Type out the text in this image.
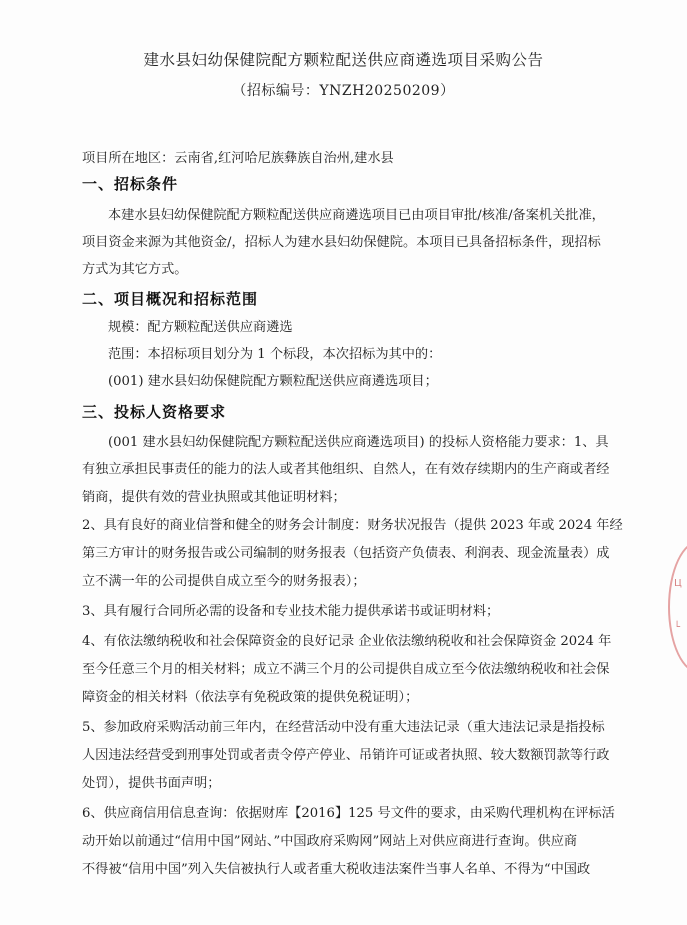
建水县妇幼保健院配方颗粒配送供应商遴选项目采购公告
（招标编号：YNZH20250209）
项目所在地区：云南省,红河哈尼族彝族自治州,建水县
一、招标条件
本建水县妇幼保健院配方颗粒配送供应商遴选项目已由项目审批/核准/备案机关批准，
项目资金来源为其他资金/，招标人为建水县妇幼保健院。本项目已具备招标条件，现招标
方式为其它方式。
二、项目概况和招标范围
规模：配方颗粒配送供应商遴选
范围：本招标项目划分为 1 个标段，本次招标为其中的：
(001) 建水县妇幼保健院配方颗粒配送供应商遴选项目；
三、投标人资格要求
(001 建水县妇幼保健院配方颗粒配送供应商遴选项目) 的投标人资格能力要求：1、具
有独立承担民事责任的能力的法人或者其他组织、自然人，在有效存续期内的生产商或者经
销商，提供有效的营业执照或其他证明材料；
2、具有良好的商业信誉和健全的财务会计制度：财务状况报告（提供 2023 年或 2024 年经
第三方审计的财务报告或公司编制的财务报表（包括资产负债表、利润表、现金流量表）成
立不满一年的公司提供自成立至今的财务报表）；
3、具有履行合同所必需的设备和专业技术能力提供承诺书或证明材料；
4、有依法缴纳税收和社会保障资金的良好记录 企业依法缴纳税收和社会保障资金 2024 年
至今任意三个月的相关材料；成立不满三个月的公司提供自成立至今依法缴纳税收和社会保
障资金的相关材料（依法享有免税政策的提供免税证明）；
5、参加政府采购活动前三年内，在经营活动中没有重大违法记录（重大违法记录是指投标
人因违法经营受到刑事处罚或者责令停产停业、吊销许可证或者执照、较大数额罚款等行政
处罚），提供书面声明；
6、供应商信用信息查询：依据财库【2016】125 号文件的要求，由采购代理机构在评标活
动开始以前通过“信用中国”网站、”中国政府采购网”网站上对供应商进行查询。供应商
不得被“信用中国”列入失信被执行人或者重大税收违法案件当事人名单、不得为“中国政
Ц
└
